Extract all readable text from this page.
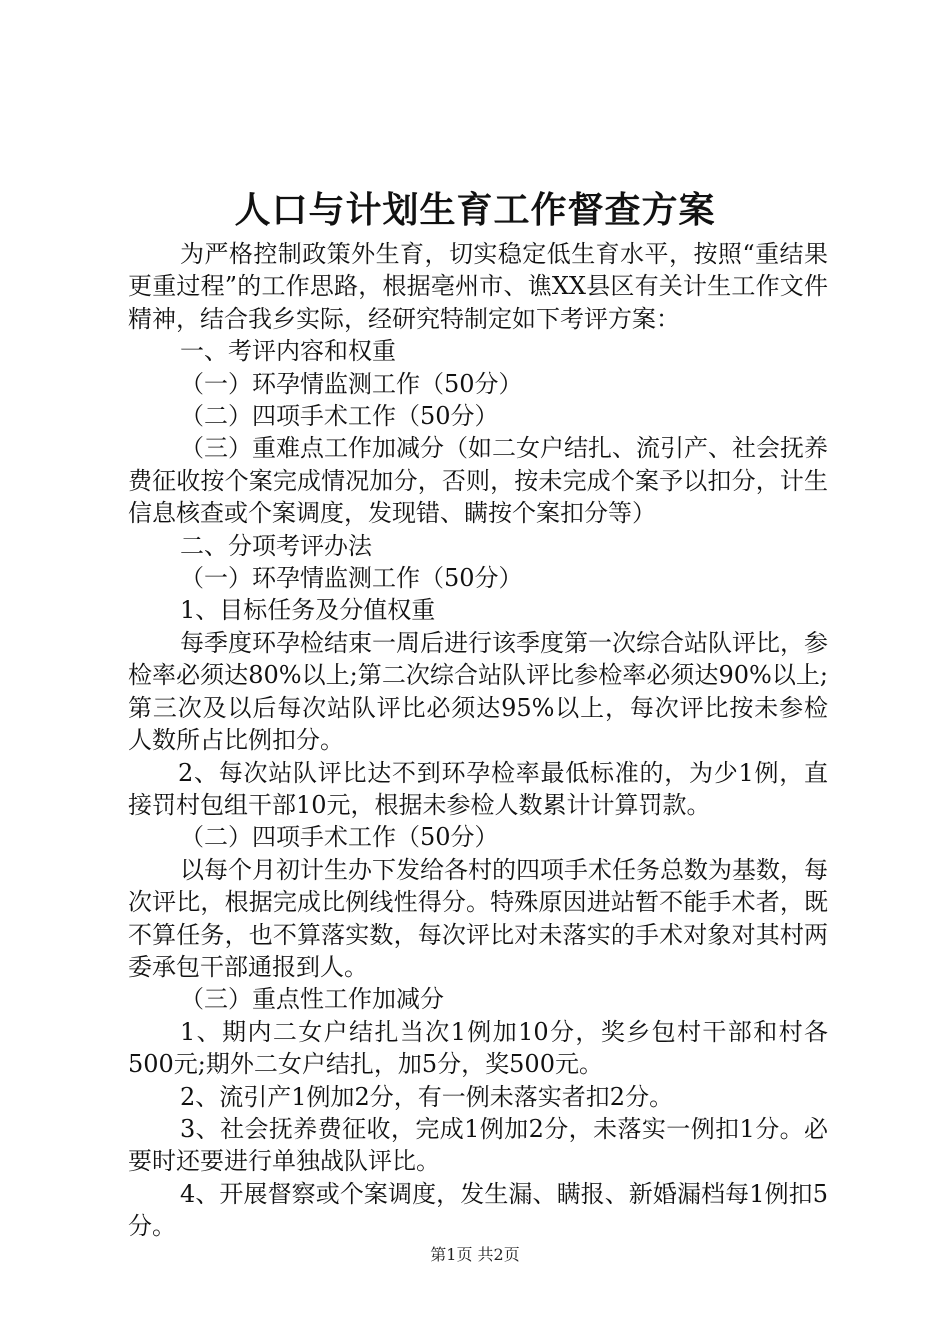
人口与计划生育工作督查方案

为严格控制政策外生育，切实稳定低生育水平，按照“重结果更重过程”的工作思路，根据亳州市、谯XX县区有关计生工作文件精神，结合我乡实际，经研究特制定如下考评方案：

一、考评内容和权重

（一）环孕情监测工作（50分）

（二）四项手术工作（50分）

（三）重难点工作加减分（如二女户结扎、流引产、社会抚养费征收按个案完成情况加分，否则，按未完成个案予以扣分，计生信息核查或个案调度，发现错、瞒按个案扣分等）

二、分项考评办法

（一）环孕情监测工作（50分）

1、目标任务及分值权重

每季度环孕检结束一周后进行该季度第一次综合站队评比，参检率必须达80%以上;第二次综合站队评比参检率必须达90%以上;第三次及以后每次站队评比必须达95%以上，每次评比按未参检人数所占比例扣分。

2、每次站队评比达不到环孕检率最低标准的，为少1例，直接罚村包组干部10元，根据未参检人数累计计算罚款。

（二）四项手术工作（50分）

以每个月初计生办下发给各村的四项手术任务总数为基数，每次评比，根据完成比例线性得分。特殊原因进站暂不能手术者，既不算任务，也不算落实数，每次评比对未落实的手术对象对其村两委承包干部通报到人。

（三）重点性工作加减分

1、期内二女户结扎当次1例加10分，奖乡包村干部和村各500元;期外二女户结扎，加5分，奖500元。

2、流引产1例加2分，有一例未落实者扣2分。

3、社会抚养费征收，完成1例加2分，未落实一例扣1分。必要时还要进行单独战队评比。

4、开展督察或个案调度，发生漏、瞒报、新婚漏档每1例扣5分。

第1页 共2页
